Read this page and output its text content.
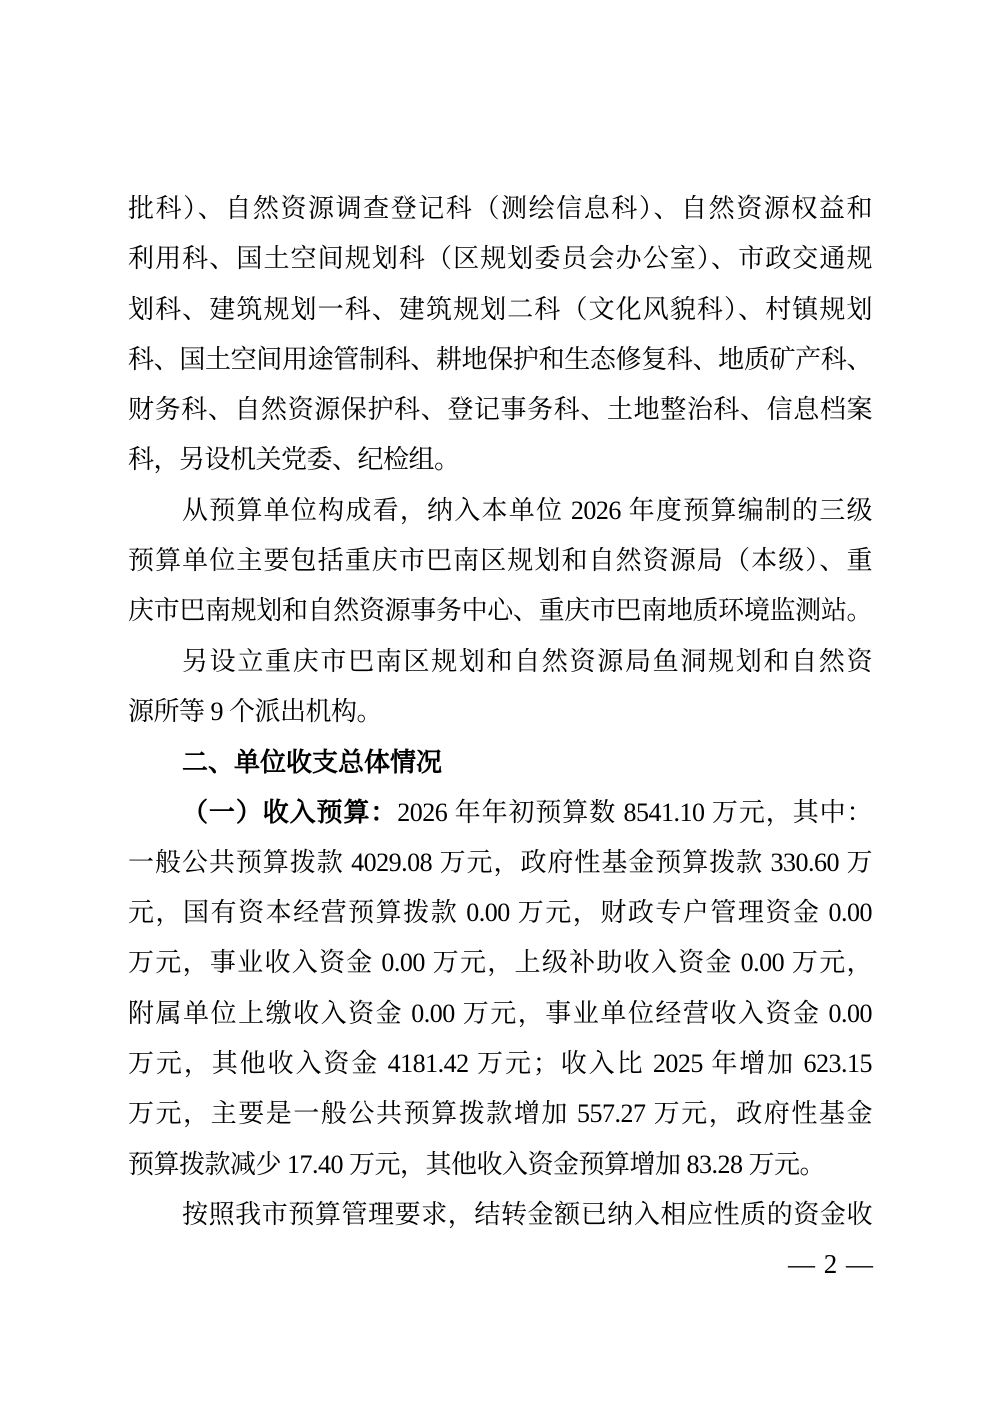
批科）、自然资源调查登记科（测绘信息科）、自然资源权益和
利用科、国土空间规划科（区规划委员会办公室）、市政交通规
划科、建筑规划一科、建筑规划二科（文化风貌科）、村镇规划
科、国土空间用途管制科、耕地保护和生态修复科、地质矿产科、
财务科、自然资源保护科、登记事务科、土地整治科、信息档案
科，另设机关党委、纪检组。
从预算单位构成看，纳入本单位 2026 年度预算编制的三级
预算单位主要包括重庆市巴南区规划和自然资源局（本级）、重
庆市巴南规划和自然资源事务中心、重庆市巴南地质环境监测站。
另设立重庆市巴南区规划和自然资源局鱼洞规划和自然资
源所等 9 个派出机构。
二、单位收支总体情况
（一）收入预算：2026 年年初预算数 8541.10 万元，其中：
一般公共预算拨款 4029.08 万元，政府性基金预算拨款 330.60 万
元，国有资本经营预算拨款 0.00 万元，财政专户管理资金 0.00
万元，事业收入资金 0.00 万元，上级补助收入资金 0.00 万元，
附属单位上缴收入资金 0.00 万元，事业单位经营收入资金 0.00
万元，其他收入资金 4181.42 万元；收入比 2025 年增加 623.15
万元，主要是一般公共预算拨款增加 557.27 万元，政府性基金
预算拨款减少 17.40 万元，其他收入资金预算增加 83.28 万元。
按照我市预算管理要求，结转金额已纳入相应性质的资金收
— 2 —
